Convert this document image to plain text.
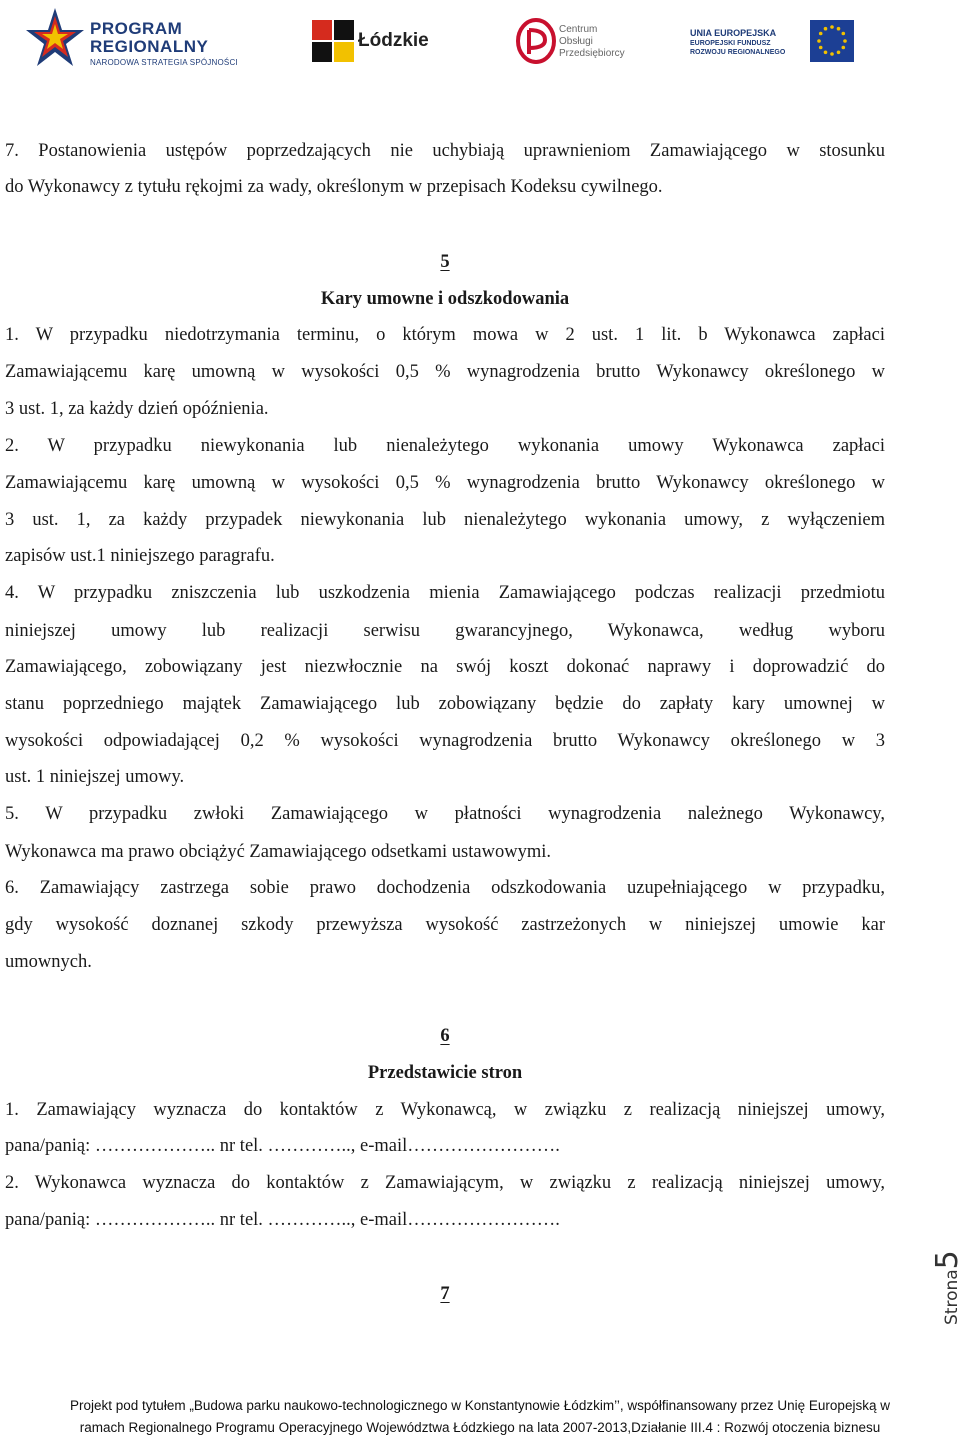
PROGRAM
REGIONALNY
NARODOWA STRATEGIA SPÓJNOŚCI
Łódzkie
Centrum
Obsługi
Przedsiębiorcy
UNIA EUROPEJSKA
EUROPEJSKI FUNDUSZ
ROZWOJU REGIONALNEGO
7. Postanowienia ustępów poprzedzających nie uchybiają uprawnieniom Zamawiającego w stosunku
do Wykonawcy z tytułu rękojmi za wady, określonym w przepisach Kodeksu cywilnego.
5
Kary umowne i odszkodowania
1. W przypadku niedotrzymania terminu, o którym mowa w 2 ust. 1 lit. b Wykonawca zapłaci
Zamawiającemu karę umowną w wysokości 0,5 % wynagrodzenia brutto Wykonawcy określonego w
3 ust. 1, za każdy dzień opóźnienia.
2. W przypadku niewykonania lub nienależytego wykonania umowy Wykonawca zapłaci
Zamawiającemu karę umowną w wysokości 0,5 % wynagrodzenia brutto Wykonawcy określonego w
3 ust. 1, za każdy przypadek niewykonania lub nienależytego wykonania umowy, z wyłączeniem
zapisów ust.1 niniejszego paragrafu.
4. W przypadku zniszczenia lub uszkodzenia mienia Zamawiającego podczas realizacji przedmiotu
niniejszej umowy lub realizacji serwisu gwarancyjnego, Wykonawca, według wyboru
Zamawiającego, zobowiązany jest niezwłocznie na swój koszt dokonać naprawy i doprowadzić do
stanu poprzedniego majątek Zamawiającego lub zobowiązany będzie do zapłaty kary umownej w
wysokości odpowiadającej 0,2 % wysokości wynagrodzenia brutto Wykonawcy określonego w 3
ust. 1 niniejszej umowy.
5. W przypadku zwłoki Zamawiającego w płatności wynagrodzenia należnego Wykonawcy,
Wykonawca ma prawo obciążyć Zamawiającego odsetkami ustawowymi.
6. Zamawiający zastrzega sobie prawo dochodzenia odszkodowania uzupełniającego w przypadku,
gdy wysokość doznanej szkody przewyższa wysokość zastrzeżonych w niniejszej umowie kar
umownych.
6
Przedstawicie stron
1. Zamawiający wyznacza do kontaktów z Wykonawcą, w związku z realizacją niniejszej umowy,
pana/panią: ……………….. nr tel. ………….., e-mail…………………….
2. Wykonawca wyznacza do kontaktów z Zamawiającym, w związku z realizacją niniejszej umowy,
pana/panią: ……………….. nr tel. ………….., e-mail…………………….
7	Strona5
Projekt pod tytułem „Budowa parku naukowo-technologicznego w Konstantynowie Łódzkim’’, współfinansowany przez Unię Europejską w
ramach Regionalnego Programu Operacyjnego Województwa Łódzkiego na lata 2007-2013,Działanie III.4 : Rozwój otoczenia biznesu
